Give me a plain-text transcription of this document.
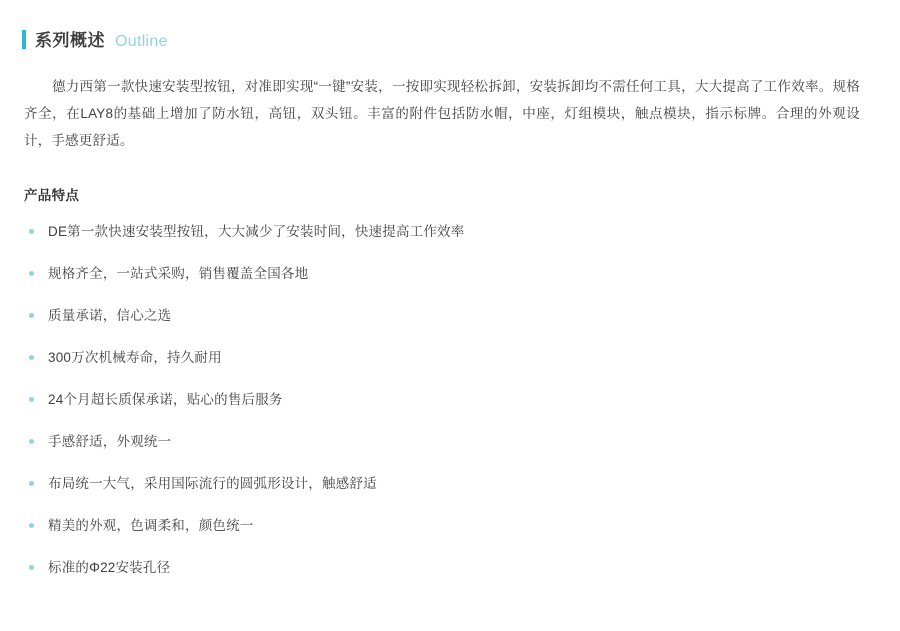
系列概述 Outline

德力西第一款快速安装型按钮，对准即实现“一键”安装，一按即实现轻松拆卸，安装拆卸均不需任何工具，大大提高了工作效率。规格齐全，在LAY8的基础上增加了防水钮，高钮，双头钮。丰富的附件包括防水帽，中座，灯组模块，触点模块，指示标牌。合理的外观设计，手感更舒适。

产品特点
DE第一款快速安装型按钮，大大减少了安装时间，快速提高工作效率
规格齐全，一站式采购，销售覆盖全国各地
质量承诺，信心之选
300万次机械寿命，持久耐用
24个月超长质保承诺，贴心的售后服务
手感舒适，外观统一
布局统一大气，采用国际流行的圆弧形设计，触感舒适
精美的外观，色调柔和，颜色统一
标准的Φ22安装孔径
